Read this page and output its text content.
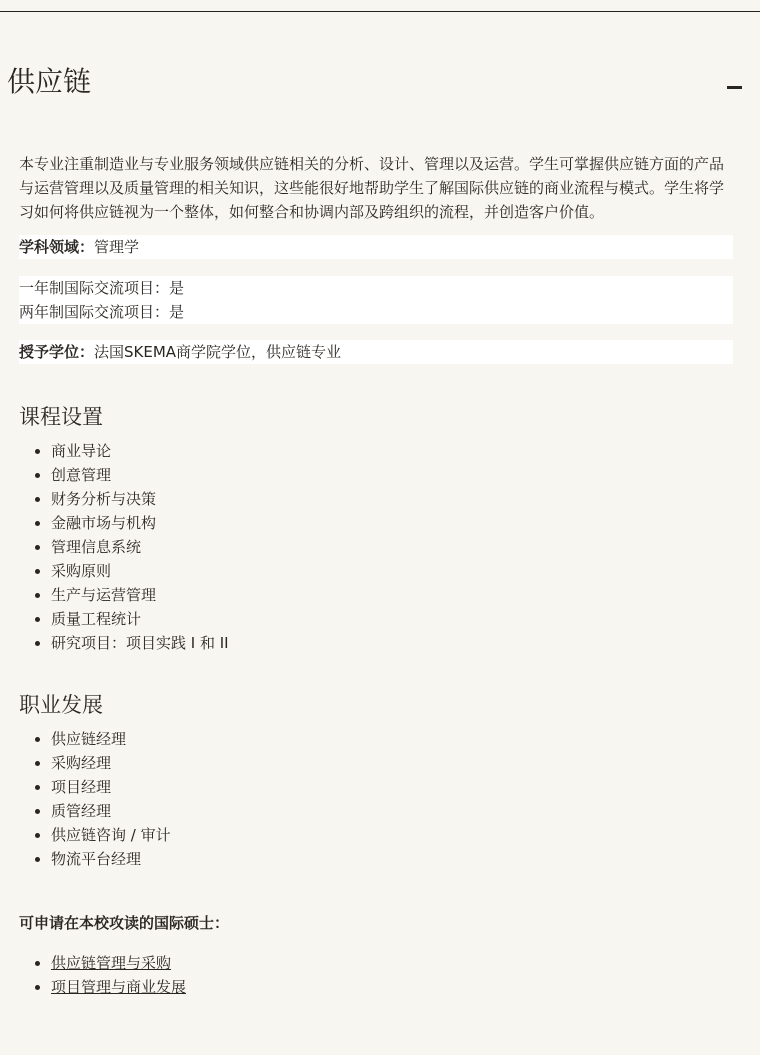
供应链

本专业注重制造业与专业服务领域供应链相关的分析、设计、管理以及运营。学生可掌握供应链方面的产品与运营管理以及质量管理的相关知识，这些能很好地帮助学生了解国际供应链的商业流程与模式。学生将学习如何将供应链视为一个整体，如何整合和协调内部及跨组织的流程，并创造客户价值。

学科领域：管理学
一年制国际交流项目：是
两年制国际交流项目：是
授予学位：法国SKEMA商学院学位，供应链专业
课程设置
• 商业导论
• 创意管理
• 财务分析与决策
• 金融市场与机构
• 管理信息系统
• 采购原则
• 生产与运营管理
• 质量工程统计
• 研究项目：项目实践 I 和 II
职业发展
• 供应链经理
• 采购经理
• 项目经理
• 质管经理
• 供应链咨询 / 审计
• 物流平台经理

可申请在本校攻读的国际硕士：

• 供应链管理与采购
• 项目管理与商业发展
